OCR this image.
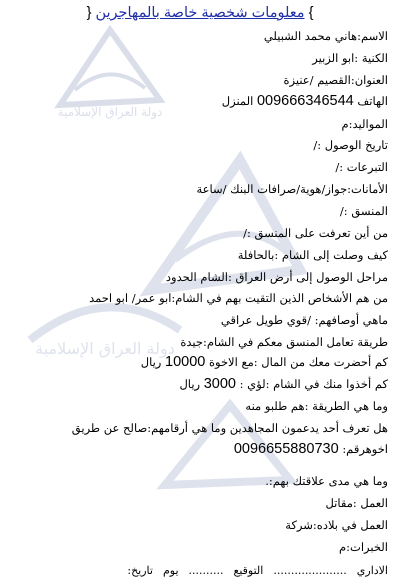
دولة العراق الإسلامية
دولة العراق الإسلامية
} معلومات شخصية خاصة بالمهاجرين {
الاسم:هاني محمد الشبيلي
الكنية :ابو الزبير
العنوان:القصيم /عنيزة
الهاتف 009666346544 المنزل
المواليد:م
تاريخ الوصول :/
التبرعات :/
الأمانات:جواز/هوية/صرافات البنك /ساعة
المنسق :/
من أين تعرفت على المنسق :/
كيف وصلت إلى الشام :بالحافلة
مراحل الوصول إلى أرض العراق :الشام الحدود
من هم الأشخاص الذين التقيت بهم في الشام:ابو عمر/ ابو احمد
ماهي أوصافهم: /قوي طويل عراقي
طريقة تعامل المنسق معكم في الشام:جيدة
كم أحضرت معك من المال :مع الاخوة 10000 ريال
كم أخذوا منك في الشام :لؤي : 3000 ريال
وما هي الطريقة :هم طلبو منه
هل تعرف أحد يدعمون المجاهدين وما هي أرقامهم:صالح عن طريق
اخوهرقم: 0096655880730
وما هي مدى علاقتك بهم:.
العمل :مقاتل
العمل في بلاده:شركة
الخبرات:م
الاداري
.....................
التوقيع
..........
يوم
تاريخ:
